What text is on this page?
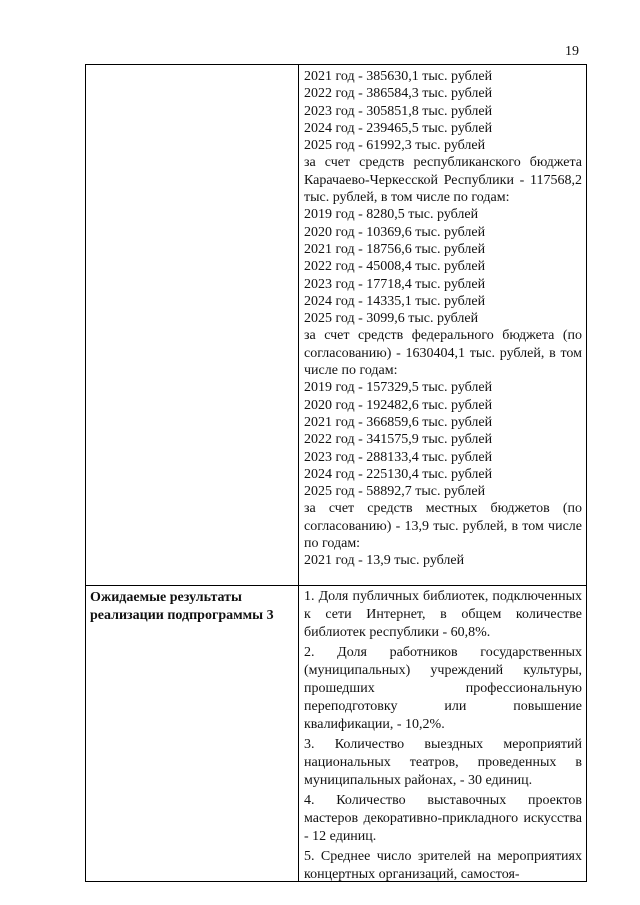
19
2021 год - 385630,1 тыс. рублей
2022 год - 386584,3 тыс. рублей
2023 год - 305851,8 тыс. рублей
2024 год - 239465,5 тыс. рублей
2025 год - 61992,3 тыс. рублей
за счет средств республиканского бюджета Карачаево-Черкесской Республики - 117568,2 тыс. рублей, в том числе по годам:
2019 год - 8280,5 тыс. рублей
2020 год - 10369,6 тыс. рублей
2021 год - 18756,6 тыс. рублей
2022 год - 45008,4 тыс. рублей
2023 год - 17718,4 тыс. рублей
2024 год - 14335,1 тыс. рублей
2025 год - 3099,6 тыс. рублей
за счет средств федерального бюджета (по согласованию) - 1630404,1 тыс. рублей, в том числе по годам:
2019 год - 157329,5 тыс. рублей
2020 год - 192482,6 тыс. рублей
2021 год - 366859,6 тыс. рублей
2022 год - 341575,9 тыс. рублей
2023 год - 288133,4 тыс. рублей
2024 год - 225130,4 тыс. рублей
2025 год - 58892,7 тыс. рублей
за счет средств местных бюджетов (по согласованию) - 13,9 тыс. рублей, в том числе по годам:
2021 год - 13,9 тыс. рублей
Ожидаемые результаты реализации подпрограммы 3

1. Доля публичных библиотек, подключенных к сети Интернет, в общем количестве библиотек республики - 60,8%.

2. Доля работников государственных (муниципальных) учреждений культуры, прошедших профессиональную переподготовку или повышение квалификации, - 10,2%.

3. Количество выездных мероприятий национальных театров, проведенных в муниципальных районах, - 30 единиц.

4. Количество выставочных проектов мастеров декоративно-прикладного искусства - 12 единиц.

5. Среднее число зрителей на мероприятиях концертных организаций, самостоя-
